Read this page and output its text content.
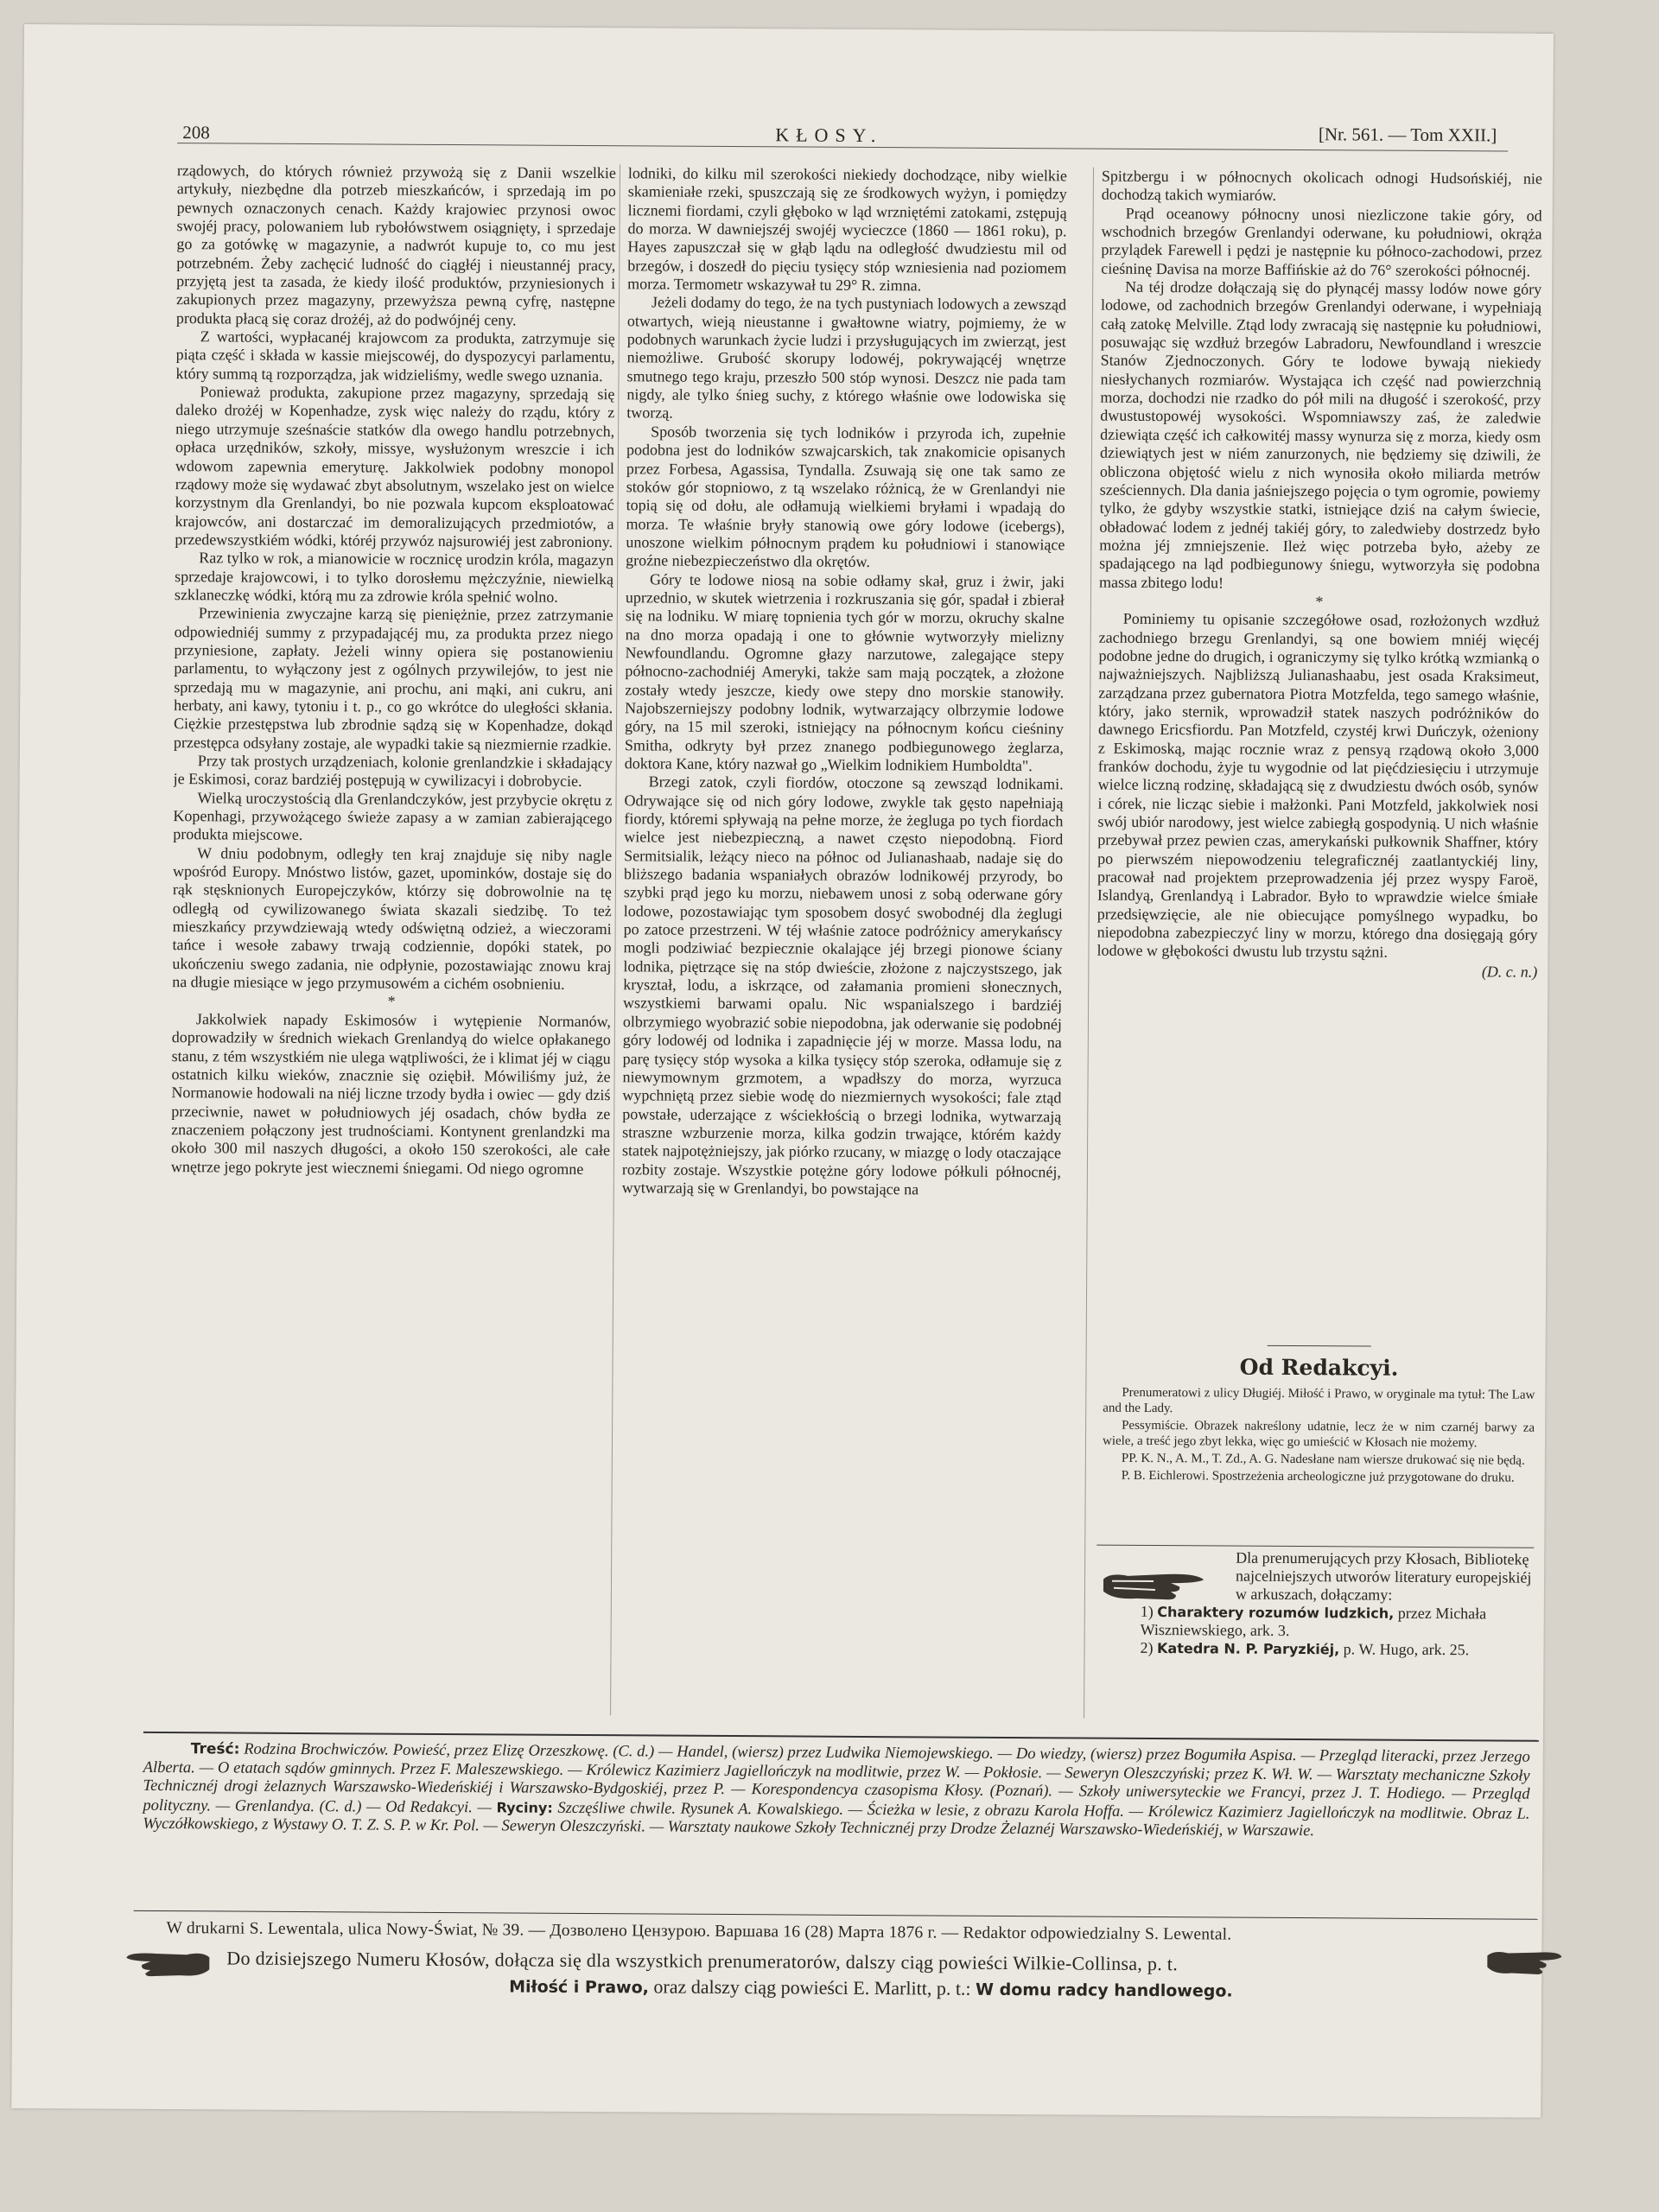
208	KŁOSY.	[Nr. 561. — Tom XXII.]

rządowych, do których również przywożą się z Danii wszelkie artykuły, niezbędne dla potrzeb mieszkańców, i sprzedają im po pewnych oznaczonych cenach. Każdy krajowiec przynosi owoc swojéj pracy, polowaniem lub rybołówstwem osiągnięty, i sprzedaje go za gotówkę w magazynie, a nadwrót kupuje to, co mu jest potrzebném. Żeby zachęcić ludność do ciągłéj i nieustannéj pracy, przyjętą jest ta zasada, że kiedy ilość produktów, przyniesionych i zakupionych przez magazyny, przewyższa pewną cyfrę, następne produkta płacą się coraz drożéj, aż do podwójnéj ceny.

Z wartości, wypłacanéj krajowcom za produkta, zatrzymuje się piąta część i składa w kassie miejscowéj, do dyspozycyi parlamentu, który summą tą rozporządza, jak widzieliśmy, wedle swego uznania.

Ponieważ produkta, zakupione przez magazyny, sprzedają się daleko drożéj w Kopenhadze, zysk więc należy do rządu, który z niego utrzymuje sześnaście statków dla owego handlu potrzebnych, opłaca urzędników, szkoły, missye, wysłużonym wreszcie i ich wdowom zapewnia emeryturę. Jakkolwiek podobny monopol rządowy może się wydawać zbyt absolutnym, wszelako jest on wielce korzystnym dla Grenlandyi, bo nie pozwala kupcom eksploatować krajowców, ani dostarczać im demoralizujących przedmiotów, a przedewszystkiém wódki, któréj przywóz najsurowiéj jest zabroniony.

Raz tylko w rok, a mianowicie w rocznicę urodzin króla, magazyn sprzedaje krajowcowi, i to tylko dorosłemu mężczyźnie, niewielką szklaneczkę wódki, którą mu za zdrowie króla spełnić wolno.

Przewinienia zwyczajne karzą się pieniężnie, przez zatrzymanie odpowiedniéj summy z przypadającéj mu, za produkta przez niego przyniesione, zapłaty. Jeżeli winny opiera się postanowieniu parlamentu, to wyłączony jest z ogólnych przywilejów, to jest nie sprzedają mu w magazynie, ani prochu, ani mąki, ani cukru, ani herbaty, ani kawy, tytoniu i t. p., co go wkrótce do uległości skłania. Ciężkie przestępstwa lub zbrodnie sądzą się w Kopenhadze, dokąd przestępca odsyłany zostaje, ale wypadki takie są niezmiernie rzadkie.

Przy tak prostych urządzeniach, kolonie grenlandzkie i składający je Eskimosi, coraz bardziéj postępują w cywilizacyi i dobrobycie.

Wielką uroczystością dla Grenlandczyków, jest przybycie okrętu z Kopenhagi, przywożącego świeże zapasy a w zamian zabierającego produkta miejscowe.

W dniu podobnym, odległy ten kraj znajduje się niby nagle wpośród Europy. Mnóstwo listów, gazet, upominków, dostaje się do rąk stęsknionych Europejczyków, którzy się dobrowolnie na tę odległą od cywilizowanego świata skazali siedzibę. To też mieszkańcy przywdziewają wtedy odświętną odzież, a wieczorami tańce i wesołe zabawy trwają codziennie, dopóki statek, po ukończeniu swego zadania, nie odpłynie, pozostawiając znowu kraj na długie miesiące w jego przymusowém a cichém osobnieniu.

*

Jakkolwiek napady Eskimosów i wytępienie Normanów, doprowadziły w średnich wiekach Grenlandyą do wielce opłakanego stanu, z tém wszystkiém nie ulega wątpliwości, że i klimat jéj w ciągu ostatnich kilku wieków, znacznie się oziębił. Mówiliśmy już, że Normanowie hodowali na niéj liczne trzody bydła i owiec — gdy dziś przeciwnie, nawet w południowych jéj osadach, chów bydła ze znaczeniem połączony jest trudnościami. Kontynent grenlandzki ma około 300 mil naszych długości, a około 150 szerokości, ale całe wnętrze jego pokryte jest wiecznemi śniegami. Od niego ogromne

lodniki, do kilku mil szerokości niekiedy dochodzące, niby wielkie skamieniałe rzeki, spuszczają się ze środkowych wyżyn, i pomiędzy licznemi fiordami, czyli głęboko w ląd wrzniętémi zatokami, zstępują do morza. W dawniejszéj swojéj wycieczce (1860 — 1861 roku), p. Hayes zapuszczał się w głąb lądu na odległość dwudziestu mil od brzegów, i doszedł do pięciu tysięcy stóp wzniesienia nad poziomem morza. Termometr wskazywał tu 29° R. zimna.

Jeżeli dodamy do tego, że na tych pustyniach lodowych a zewsząd otwartych, wieją nieustanne i gwałtowne wiatry, pojmiemy, że w podobnych warunkach życie ludzi i przysługujących im zwierząt, jest niemożliwe. Grubość skorupy lodowéj, pokrywającéj wnętrze smutnego tego kraju, przeszło 500 stóp wynosi. Deszcz nie pada tam nigdy, ale tylko śnieg suchy, z którego właśnie owe lodowiska się tworzą.

Sposób tworzenia się tych lodników i przyroda ich, zupełnie podobna jest do lodników szwajcarskich, tak znakomicie opisanych przez Forbesa, Agassisa, Tyndalla. Zsuwają się one tak samo ze stoków gór stopniowo, z tą wszelako różnicą, że w Grenlandyi nie topią się od dołu, ale odłamują wielkiemi bryłami i wpadają do morza. Te właśnie bryły stanowią owe góry lodowe (icebergs), unoszone wielkim północnym prądem ku południowi i stanowiące groźne niebezpieczeństwo dla okrętów.

Góry te lodowe niosą na sobie odłamy skał, gruz i żwir, jaki uprzednio, w skutek wietrzenia i rozkruszania się gór, spadał i zbierał się na lodniku. W miarę topnienia tych gór w morzu, okruchy skalne na dno morza opadają i one to głównie wytworzyły mielizny Newfoundlandu. Ogromne głazy narzutowe, zalegające stepy północno-zachodniéj Ameryki, także sam mają początek, a złożone zostały wtedy jeszcze, kiedy owe stepy dno morskie stanowiły. Najobszerniejszy podobny lodnik, wytwarzający olbrzymie lodowe góry, na 15 mil szeroki, istniejący na północnym końcu cieśniny Smitha, odkryty był przez znanego podbiegunowego żeglarza, doktora Kane, który nazwał go „Wielkim lodnikiem Humboldta".

Brzegi zatok, czyli fiordów, otoczone są zewsząd lodnikami. Odrywające się od nich góry lodowe, zwykle tak gęsto napełniają fiordy, któremi spływają na pełne morze, że żegluga po tych fiordach wielce jest niebezpieczną, a nawet często niepodobną. Fiord Sermitsialik, leżący nieco na północ od Julianashaab, nadaje się do bliższego badania wspaniałych obrazów lodnikowéj przyrody, bo szybki prąd jego ku morzu, niebawem unosi z sobą oderwane góry lodowe, pozostawiając tym sposobem dosyć swobodnéj dla żeglugi po zatoce przestrzeni. W téj właśnie zatoce podróżnicy amerykańscy mogli podziwiać bezpiecznie okalające jéj brzegi pionowe ściany lodnika, piętrzące się na stóp dwieście, złożone z najczystszego, jak kryształ, lodu, a iskrzące, od załamania promieni słonecznych, wszystkiemi barwami opalu. Nic wspanialszego i bardziéj olbrzymiego wyobrazić sobie niepodobna, jak oderwanie się podobnéj góry lodowéj od lodnika i zapadnięcie jéj w morze. Massa lodu, na parę tysięcy stóp wysoka a kilka tysięcy stóp szeroka, odłamuje się z niewymownym grzmotem, a wpadłszy do morza, wyrzuca wypchniętą przez siebie wodę do niezmiernych wysokości; fale ztąd powstałe, uderzające z wściekłością o brzegi lodnika, wytwarzają straszne wzburzenie morza, kilka godzin trwające, którém każdy statek najpotężniejszy, jak piórko rzucany, w miazgę o lody otaczające rozbity zostaje. Wszystkie potężne góry lodowe półkuli północnéj, wytwarzają się w Grenlandyi, bo powstające na

Spitzbergu i w północnych okolicach odnogi Hudsońskiéj, nie dochodzą takich wymiarów.

Prąd oceanowy północny unosi niezliczone takie góry, od wschodnich brzegów Grenlandyi oderwane, ku południowi, okrąża przylądek Farewell i pędzi je następnie ku północo-zachodowi, przez cieśninę Davisa na morze Baffińskie aż do 76° szerokości północnéj.

Na téj drodze dołączają się do płynącéj massy lodów nowe góry lodowe, od zachodnich brzegów Grenlandyi oderwane, i wypełniają całą zatokę Melville. Ztąd lody zwracają się następnie ku południowi, posuwając się wzdłuż brzegów Labradoru, Newfoundland i wreszcie Stanów Zjednoczonych. Góry te lodowe bywają niekiedy niesłychanych rozmiarów. Wystająca ich część nad powierzchnią morza, dochodzi nie rzadko do pół mili na długość i szerokość, przy dwustustopowéj wysokości. Wspomniawszy zaś, że zaledwie dziewiąta część ich całkowitéj massy wynurza się z morza, kiedy osm dziewiątych jest w niém zanurzonych, nie będziemy się dziwili, że obliczona objętość wielu z nich wynosiła około miliarda metrów sześciennych. Dla dania jaśniejszego pojęcia o tym ogromie, powiemy tylko, że gdyby wszystkie statki, istniejące dziś na całym świecie, obładować lodem z jednéj takiéj góry, to zaledwieby dostrzedz było można jéj zmniejszenie. Ileż więc potrzeba było, ażeby ze spadającego na ląd podbiegunowy śniegu, wytworzyła się podobna massa zbitego lodu!

*

Pominiemy tu opisanie szczegółowe osad, rozłożonych wzdłuż zachodniego brzegu Grenlandyi, są one bowiem mniéj więcéj podobne jedne do drugich, i ograniczymy się tylko krótką wzmianką o najważniejszych. Najbliższą Julianashaabu, jest osada Kraksimeut, zarządzana przez gubernatora Piotra Motzfelda, tego samego właśnie, który, jako sternik, wprowadził statek naszych podróżników do dawnego Ericsfiordu. Pan Motzfeld, czystéj krwi Duńczyk, ożeniony z Eskimoską, mając rocznie wraz z pensyą rządową około 3,000 franków dochodu, żyje tu wygodnie od lat pięćdziesięciu i utrzymuje wielce liczną rodzinę, składającą się z dwudziestu dwóch osób, synów i córek, nie licząc siebie i małżonki. Pani Motzfeld, jakkolwiek nosi swój ubiór narodowy, jest wielce zabiegłą gospodynią. U nich właśnie przebywał przez pewien czas, amerykański pułkownik Shaffner, który po pierwszém niepowodzeniu telegraficznéj zaatlantyckiéj liny, pracował nad projektem przeprowadzenia jéj przez wyspy Faroë, Islandyą, Grenlandyą i Labrador. Było to wprawdzie wielce śmiałe przedsięwzięcie, ale nie obiecujące pomyślnego wypadku, bo niepodobna zabezpieczyć liny w morzu, którego dna dosięgają góry lodowe w głębokości dwustu lub trzystu sążni.

(D. c. n.)

Od Redakcyi.

Prenumeratowi z ulicy Długiéj. Miłość i Prawo, w oryginale ma tytuł: The Law and the Lady.

Pessymiście. Obrazek nakreślony udatnie, lecz że w nim czarnéj barwy za wiele, a treść jego zbyt lekka, więc go umieścić w Kłosach nie możemy.

PP. K. N., A. M., T. Zd., A. G. Nadesłane nam wiersze drukować się nie będą.

P. B. Eichlerowi. Spostrzeżenia archeologiczne już przygotowane do druku.

Dla prenumerujących przy Kłosach, Bibliotekę najcelniejszych utworów literatury europejskiéj w arkuszach, dołączamy:

1) Charaktery rozumów ludzkich, przez Michała Wiszniewskiego, ark. 3.

2) Katedra N. P. Paryzkiéj, p. W. Hugo, ark. 25.

Treść: Rodzina Brochwiczów. Powieść, przez Elizę Orzeszkowę. (C. d.) — Handel, (wiersz) przez Ludwika Niemojewskiego. — Do wiedzy, (wiersz) przez Bogumiła Aspisa. — Przegląd literacki, przez Jerzego Alberta. — O etatach sądów gminnych. Przez F. Maleszewskiego. — Królewicz Kazimierz Jagiellończyk na modlitwie, przez W. — Pokłosie. — Seweryn Oleszczyński; przez K. Wł. W. — Warsztaty mechaniczne Szkoły Technicznéj drogi żelaznych Warszawsko-Wiedeńskiéj i Warszawsko-Bydgoskiéj, przez P. — Korespondencya czasopisma Kłosy. (Poznań). — Szkoły uniwersyteckie we Francyi, przez J. T. Hodiego. — Przegląd polityczny. — Grenlandya. (C. d.) — Od Redakcyi. — Ryciny: Szczęśliwe chwile. Rysunek A. Kowalskiego. — Ścieżka w lesie, z obrazu Karola Hoffa. — Królewicz Kazimierz Jagiellończyk na modlitwie. Obraz L. Wyczółkowskiego, z Wystawy O. T. Z. S. P. w Kr. Pol. — Seweryn Oleszczyński. — Warsztaty naukowe Szkoły Technicznéj przy Drodze Żelaznéj Warszawsko-Wiedeńskiéj, w Warszawie.
W drukarni S. Lewentala, ulica Nowy-Świat, № 39. — Дозволено Цензурою. Варшава 16 (28) Марта 1876 г. — Redaktor odpowiedzialny S. Lewental.
Do dzisiejszego Numeru Kłosów, dołącza się dla wszystkich prenumeratorów, dalszy ciąg powieści Wilkie-Collinsa, p. t.
Miłość i Prawo, oraz dalszy ciąg powieści E. Marlitt, p. t.: W domu radcy handlowego.
